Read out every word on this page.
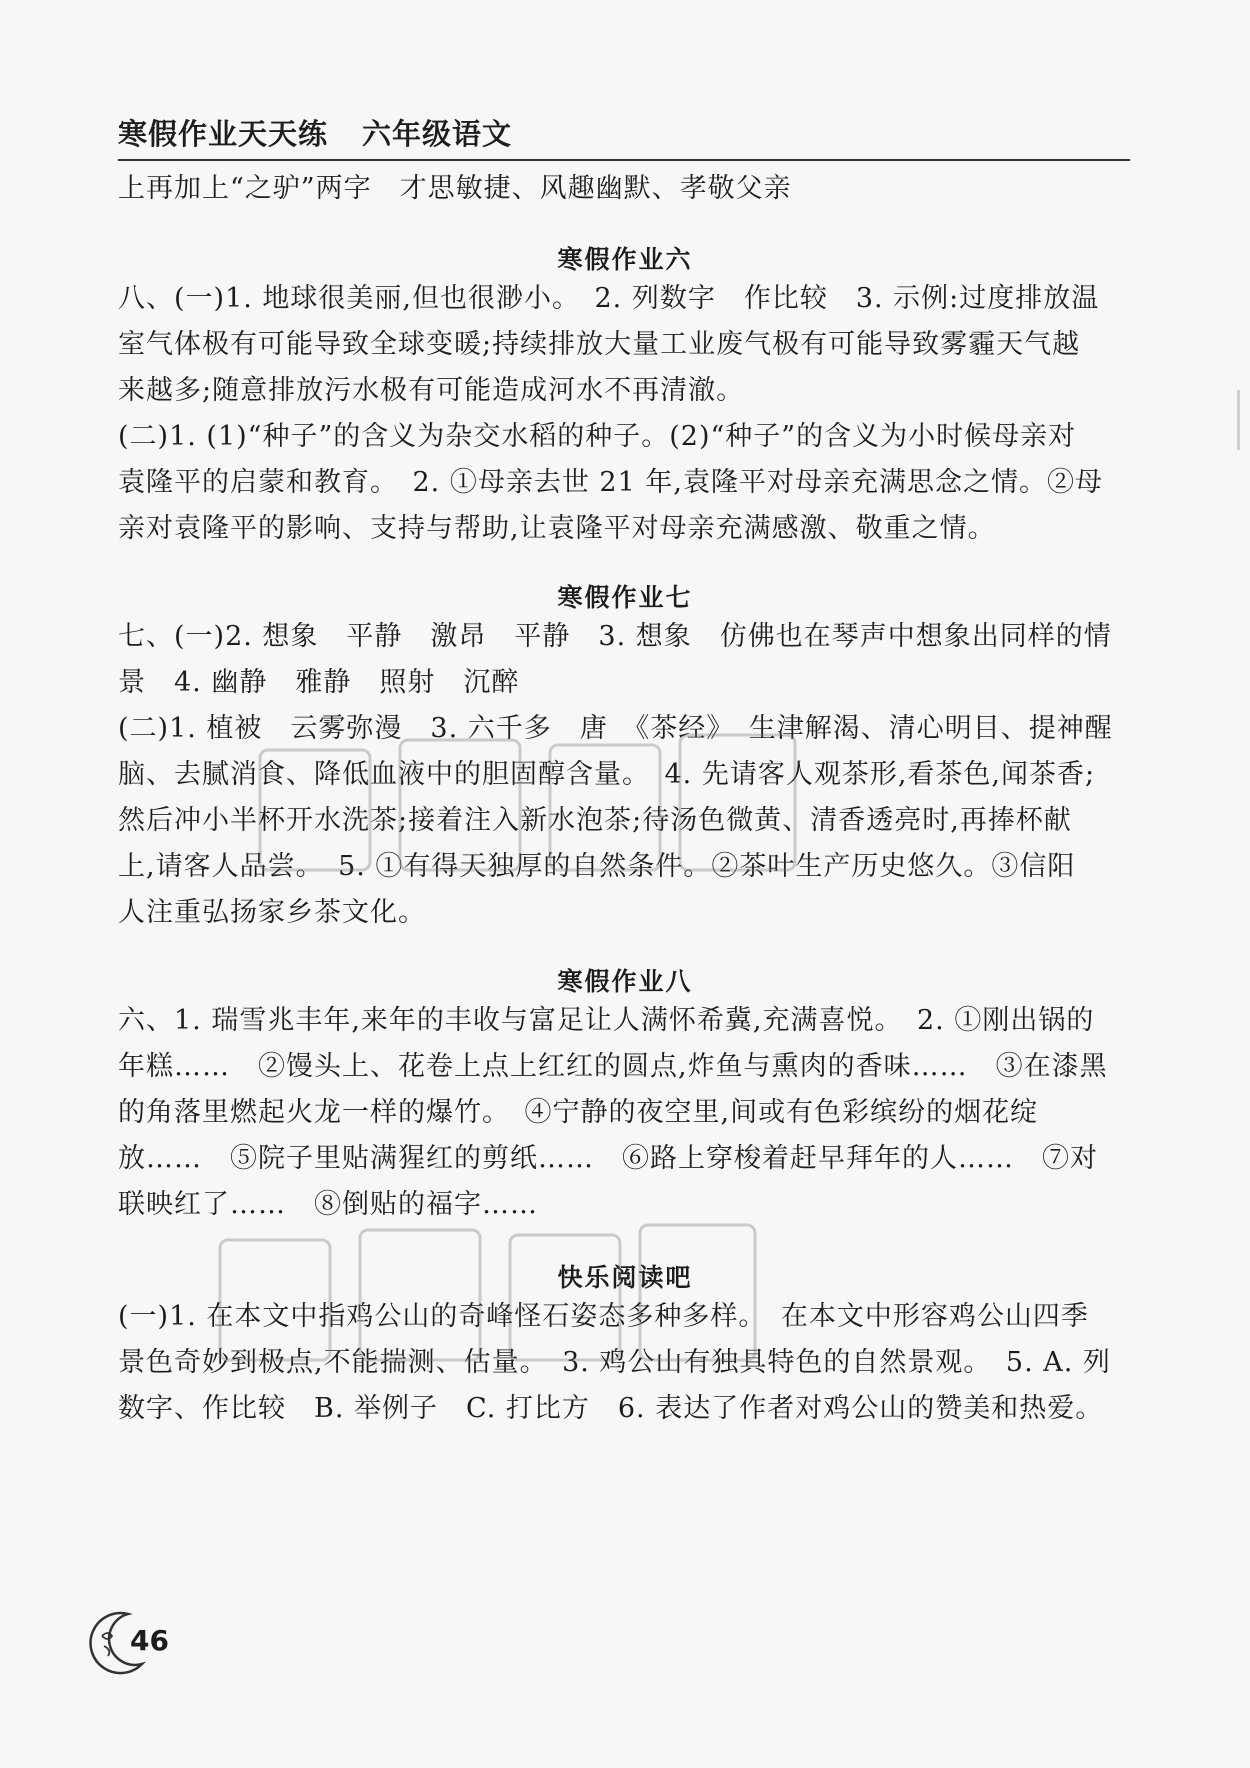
寒假作业天天练 六年级语文
上再加上“之驴”两字　才思敏捷、风趣幽默、孝敬父亲
寒假作业六
八、(一)1. 地球很美丽,但也很渺小。　2. 列数字　作比较　3. 示例:过度排放温
室气体极有可能导致全球变暖;持续排放大量工业废气极有可能导致雾霾天气越
来越多;随意排放污水极有可能造成河水不再清澈。
(二)1. (1)“种子”的含义为杂交水稻的种子。(2)“种子”的含义为小时候母亲对
袁隆平的启蒙和教育。　2. ①母亲去世 21 年,袁隆平对母亲充满思念之情。②母
亲对袁隆平的影响、支持与帮助,让袁隆平对母亲充满感激、敬重之情。
寒假作业七
七、(一)2. 想象　平静　激昂　平静　3. 想象　仿佛也在琴声中想象出同样的情
景　4. 幽静　雅静　照射　沉醉
(二)1. 植被　云雾弥漫　3. 六千多　唐　《茶经》　生津解渴、清心明目、提神醒
脑、去腻消食、降低血液中的胆固醇含量。　4. 先请客人观茶形,看茶色,闻茶香;
然后冲小半杯开水洗茶;接着注入新水泡茶;待汤色微黄、清香透亮时,再捧杯献
上,请客人品尝。　5. ①有得天独厚的自然条件。②茶叶生产历史悠久。③信阳
人注重弘扬家乡茶文化。
寒假作业八
六、1. 瑞雪兆丰年,来年的丰收与富足让人满怀希冀,充满喜悦。　2. ①刚出锅的
年糕……　②馒头上、花卷上点上红红的圆点,炸鱼与熏肉的香味……　③在漆黑
的角落里燃起火龙一样的爆竹。　④宁静的夜空里,间或有色彩缤纷的烟花绽
放……　⑤院子里贴满猩红的剪纸……　⑥路上穿梭着赶早拜年的人……　⑦对
联映红了……　⑧倒贴的福字……
快乐阅读吧
(一)1. 在本文中指鸡公山的奇峰怪石姿态多种多样。　在本文中形容鸡公山四季
景色奇妙到极点,不能揣测、估量。　3. 鸡公山有独具特色的自然景观。　5. A. 列
数字、作比较　B. 举例子　C. 打比方　6. 表达了作者对鸡公山的赞美和热爱。
46
